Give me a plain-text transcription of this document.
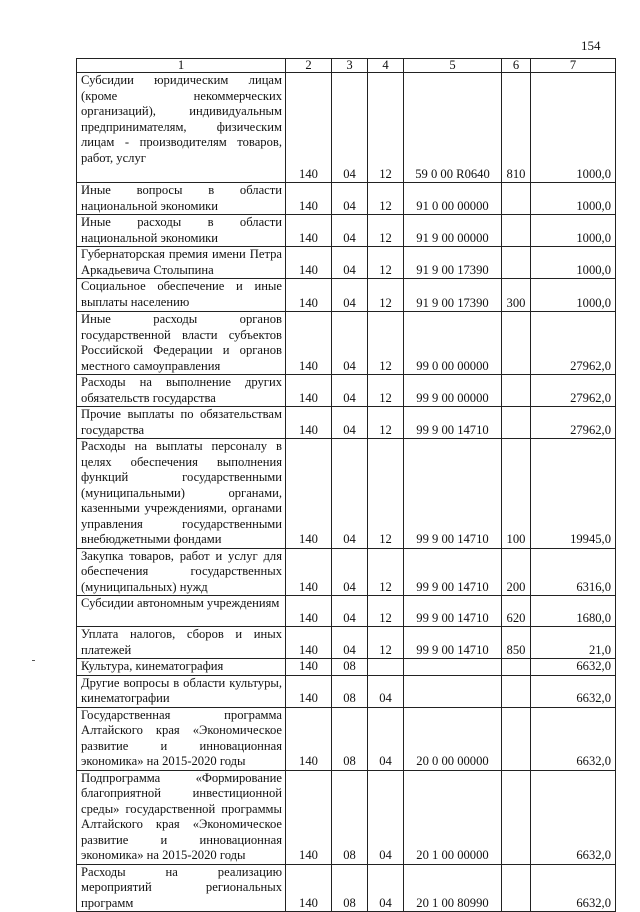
154
1	2	3	4	5	6	7
Субсидии юридическим лицам (кроме некоммерческих организаций), индивидуальным предпринимателям, физическим лицам - производителям товаров, работ, услуг	140	04	12	59 0 00 R0640	810	1000,0
Иные вопросы в области национальной экономики	140	04	12	91 0 00 00000		1000,0
Иные расходы в области национальной экономики	140	04	12	91 9 00 00000		1000,0
Губернаторская премия имени Петра Аркадьевича Столыпина	140	04	12	91 9 00 17390		1000,0
Социальное обеспечение и иные выплаты населению	140	04	12	91 9 00 17390	300	1000,0
Иные расходы органов государственной власти субъектов Российской Федерации и органов местного самоуправления	140	04	12	99 0 00 00000		27962,0
Расходы на выполнение других обязательств государства	140	04	12	99 9 00 00000		27962,0
Прочие выплаты по обязательствам государства	140	04	12	99 9 00 14710		27962,0
Расходы на выплаты персоналу в целях обеспечения выполнения функций государственными (муниципальными) органами, казенными учреждениями, органами управления государственными внебюджетными фондами	140	04	12	99 9 00 14710	100	19945,0
Закупка товаров, работ и услуг для обеспечения государственных (муниципальных) нужд	140	04	12	99 9 00 14710	200	6316,0
Субсидии автономным учреждениям	140	04	12	99 9 00 14710	620	1680,0
Уплата налогов, сборов и иных платежей	140	04	12	99 9 00 14710	850	21,0
Культура, кинематография	140	08				6632,0
Другие вопросы в области культуры, кинематографии	140	08	04			6632,0
Государственная программа Алтайского края «Экономическое развитие и инновационная экономика» на 2015-2020 годы	140	08	04	20 0 00 00000		6632,0
Подпрограмма «Формирование благоприятной инвестиционной среды» государственной программы Алтайского края «Экономическое развитие и инновационная экономика» на 2015-2020 годы	140	08	04	20 1 00 00000		6632,0
Расходы на реализацию мероприятий региональных программ	140	08	04	20 1 00 80990		6632,0
